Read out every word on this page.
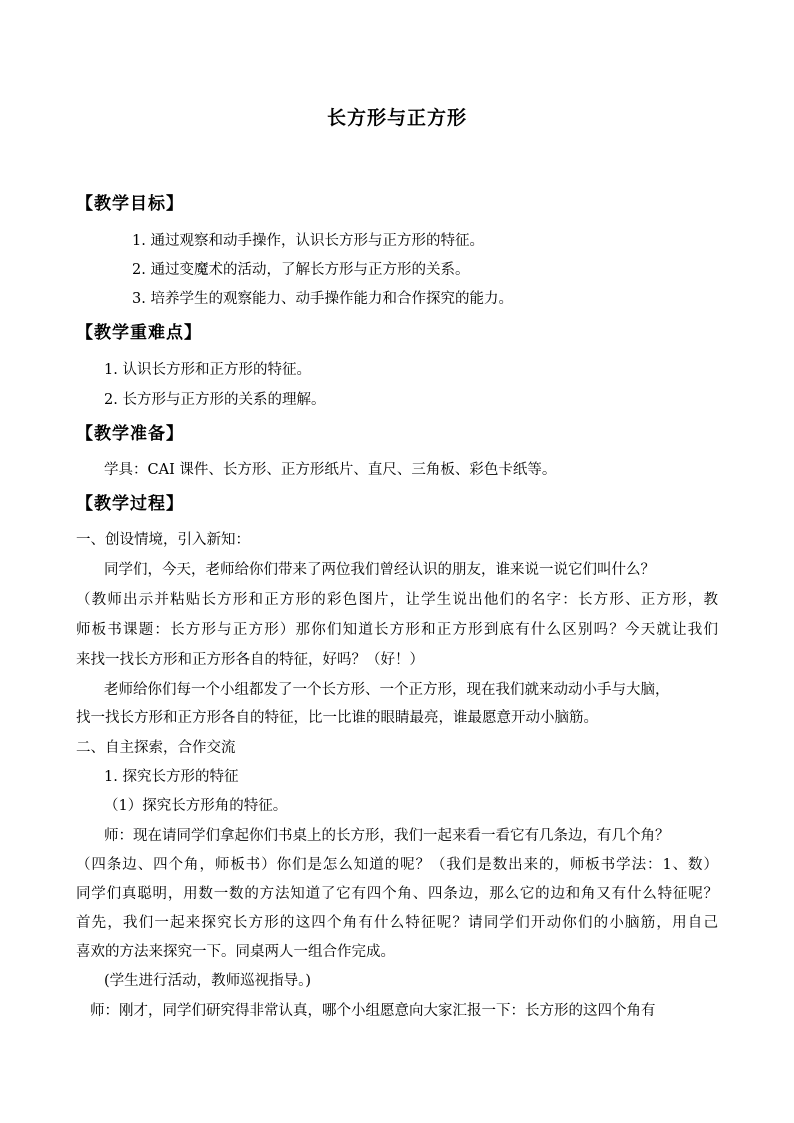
长方形与正方形
【教学目标】
1. 通过观察和动手操作，认识长方形与正方形的特征。
2. 通过变魔术的活动，了解长方形与正方形的关系。
3. 培养学生的观察能力、动手操作能力和合作探究的能力。
【教学重难点】
1. 认识长方形和正方形的特征。
2. 长方形与正方形的关系的理解。
【教学准备】
学具：CAI 课件、长方形、正方形纸片、直尺、三角板、彩色卡纸等。
【教学过程】
一、创设情境，引入新知：
同学们，今天，老师给你们带来了两位我们曾经认识的朋友，谁来说一说它们叫什么？
（教师出示并粘贴长方形和正方形的彩色图片，让学生说出他们的名字：长方形、正方形，教
师板书课题：长方形与正方形）那你们知道长方形和正方形到底有什么区别吗？今天就让我们
来找一找长方形和正方形各自的特征，好吗？（好！）
老师给你们每一个小组都发了一个长方形、一个正方形，现在我们就来动动小手与大脑，
找一找长方形和正方形各自的特征，比一比谁的眼睛最亮，谁最愿意开动小脑筋。
二、自主探索，合作交流
1. 探究长方形的特征
（1）探究长方形角的特征。
师：现在请同学们拿起你们书桌上的长方形，我们一起来看一看它有几条边，有几个角？
（四条边、四个角，师板书）你们是怎么知道的呢？（我们是数出来的，师板书学法：1、数）
同学们真聪明，用数一数的方法知道了它有四个角、四条边，那么它的边和角又有什么特征呢？
首先，我们一起来探究长方形的这四个角有什么特征呢？请同学们开动你们的小脑筋，用自己
喜欢的方法来探究一下。同桌两人一组合作完成。
(学生进行活动，教师巡视指导。)
师：刚才，同学们研究得非常认真，哪个小组愿意向大家汇报一下：长方形的这四个角有
